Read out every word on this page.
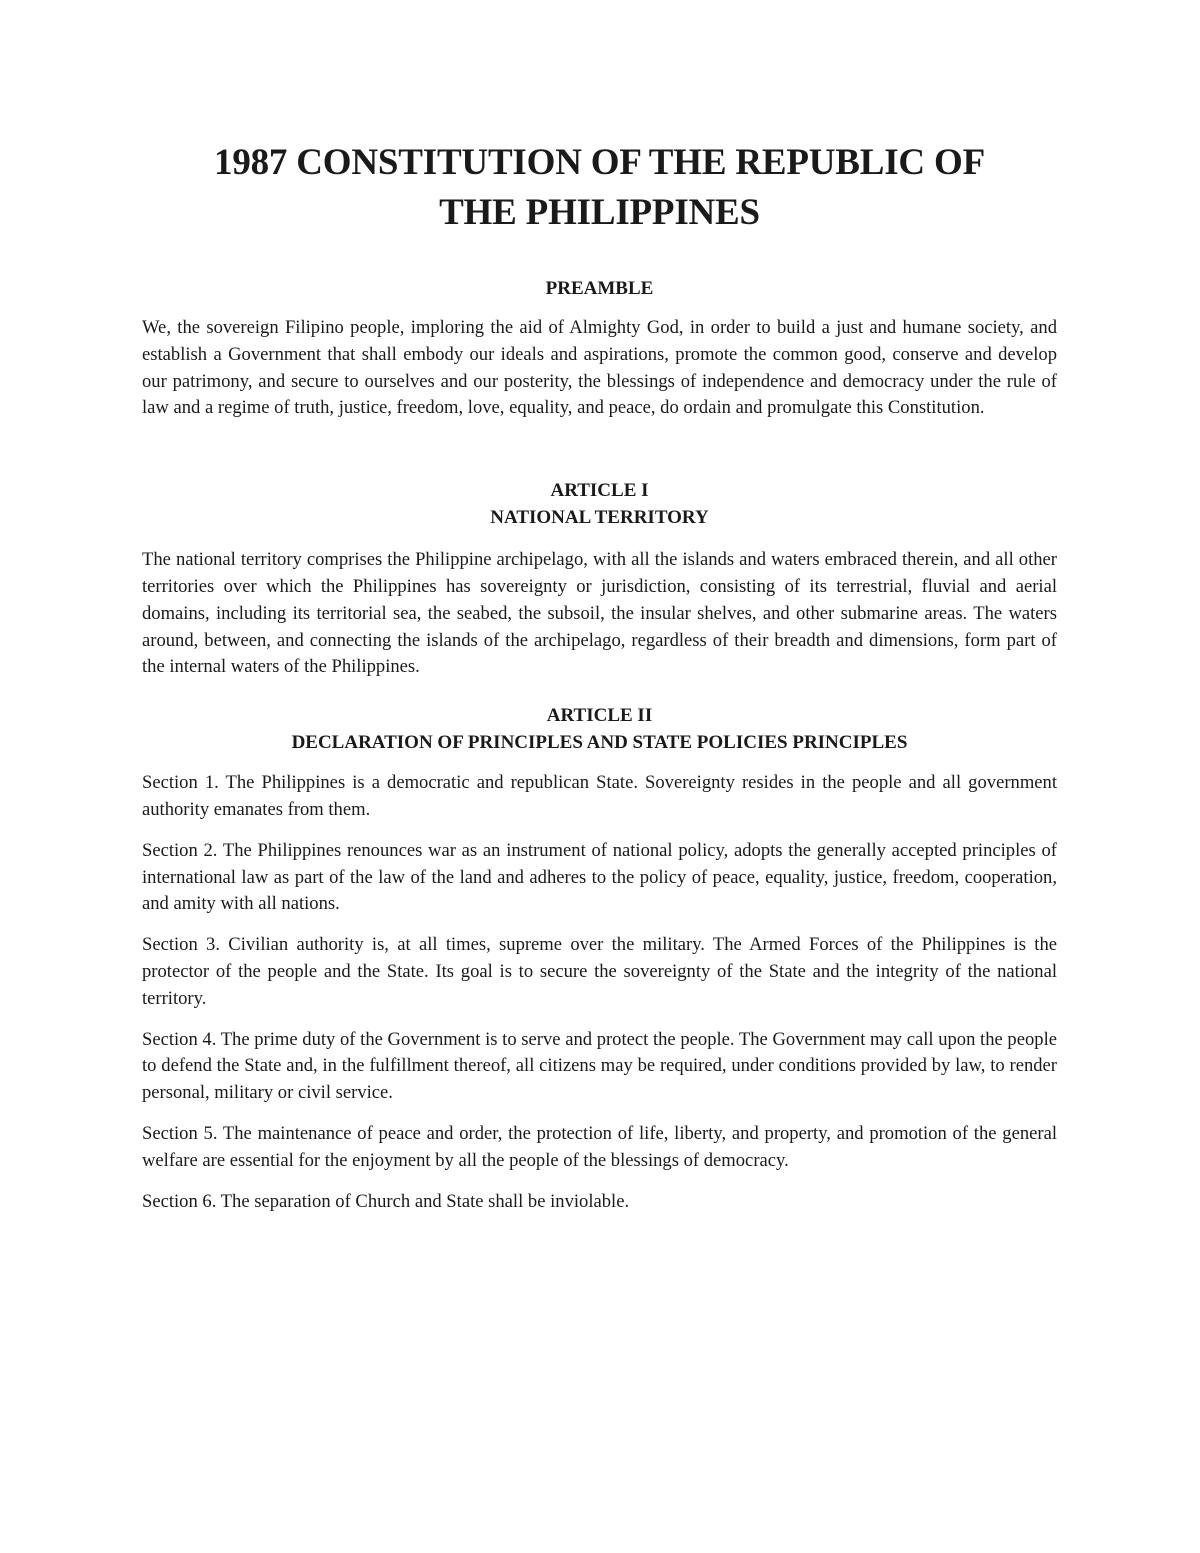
1987 CONSTITUTION OF THE REPUBLIC OF
THE PHILIPPINES

PREAMBLE

We, the sovereign Filipino people, imploring the aid of Almighty God, in order to build a just and humane society, and establish a Government that shall embody our ideals and aspirations, promote the common good, conserve and develop our patrimony, and secure to ourselves and our posterity, the blessings of independence and democracy under the rule of law and a regime of truth, justice, freedom, love, equality, and peace, do ordain and promulgate this Constitution.

ARTICLE I

NATIONAL TERRITORY

The national territory comprises the Philippine archipelago, with all the islands and waters embraced therein, and all other territories over which the Philippines has sovereignty or jurisdiction, consisting of its terrestrial, fluvial and aerial domains, including its territorial sea, the seabed, the subsoil, the insular shelves, and other submarine areas. The waters around, between, and connecting the islands of the archipelago, regardless of their breadth and dimensions, form part of the internal waters of the Philippines.

ARTICLE II

DECLARATION OF PRINCIPLES AND STATE POLICIES PRINCIPLES

Section 1. The Philippines is a democratic and republican State. Sovereignty resides in the people and all government authority emanates from them.

Section 2. The Philippines renounces war as an instrument of national policy, adopts the generally accepted principles of international law as part of the law of the land and adheres to the policy of peace, equality, justice, freedom, cooperation, and amity with all nations.

Section 3. Civilian authority is, at all times, supreme over the military. The Armed Forces of the Philippines is the protector of the people and the State. Its goal is to secure the sovereignty of the State and the integrity of the national territory.

Section 4. The prime duty of the Government is to serve and protect the people. The Government may call upon the people to defend the State and, in the fulfillment thereof, all citizens may be required, under conditions provided by law, to render personal, military or civil service.

Section 5. The maintenance of peace and order, the protection of life, liberty, and property, and promotion of the general welfare are essential for the enjoyment by all the people of the blessings of democracy.

Section 6. The separation of Church and State shall be inviolable.
